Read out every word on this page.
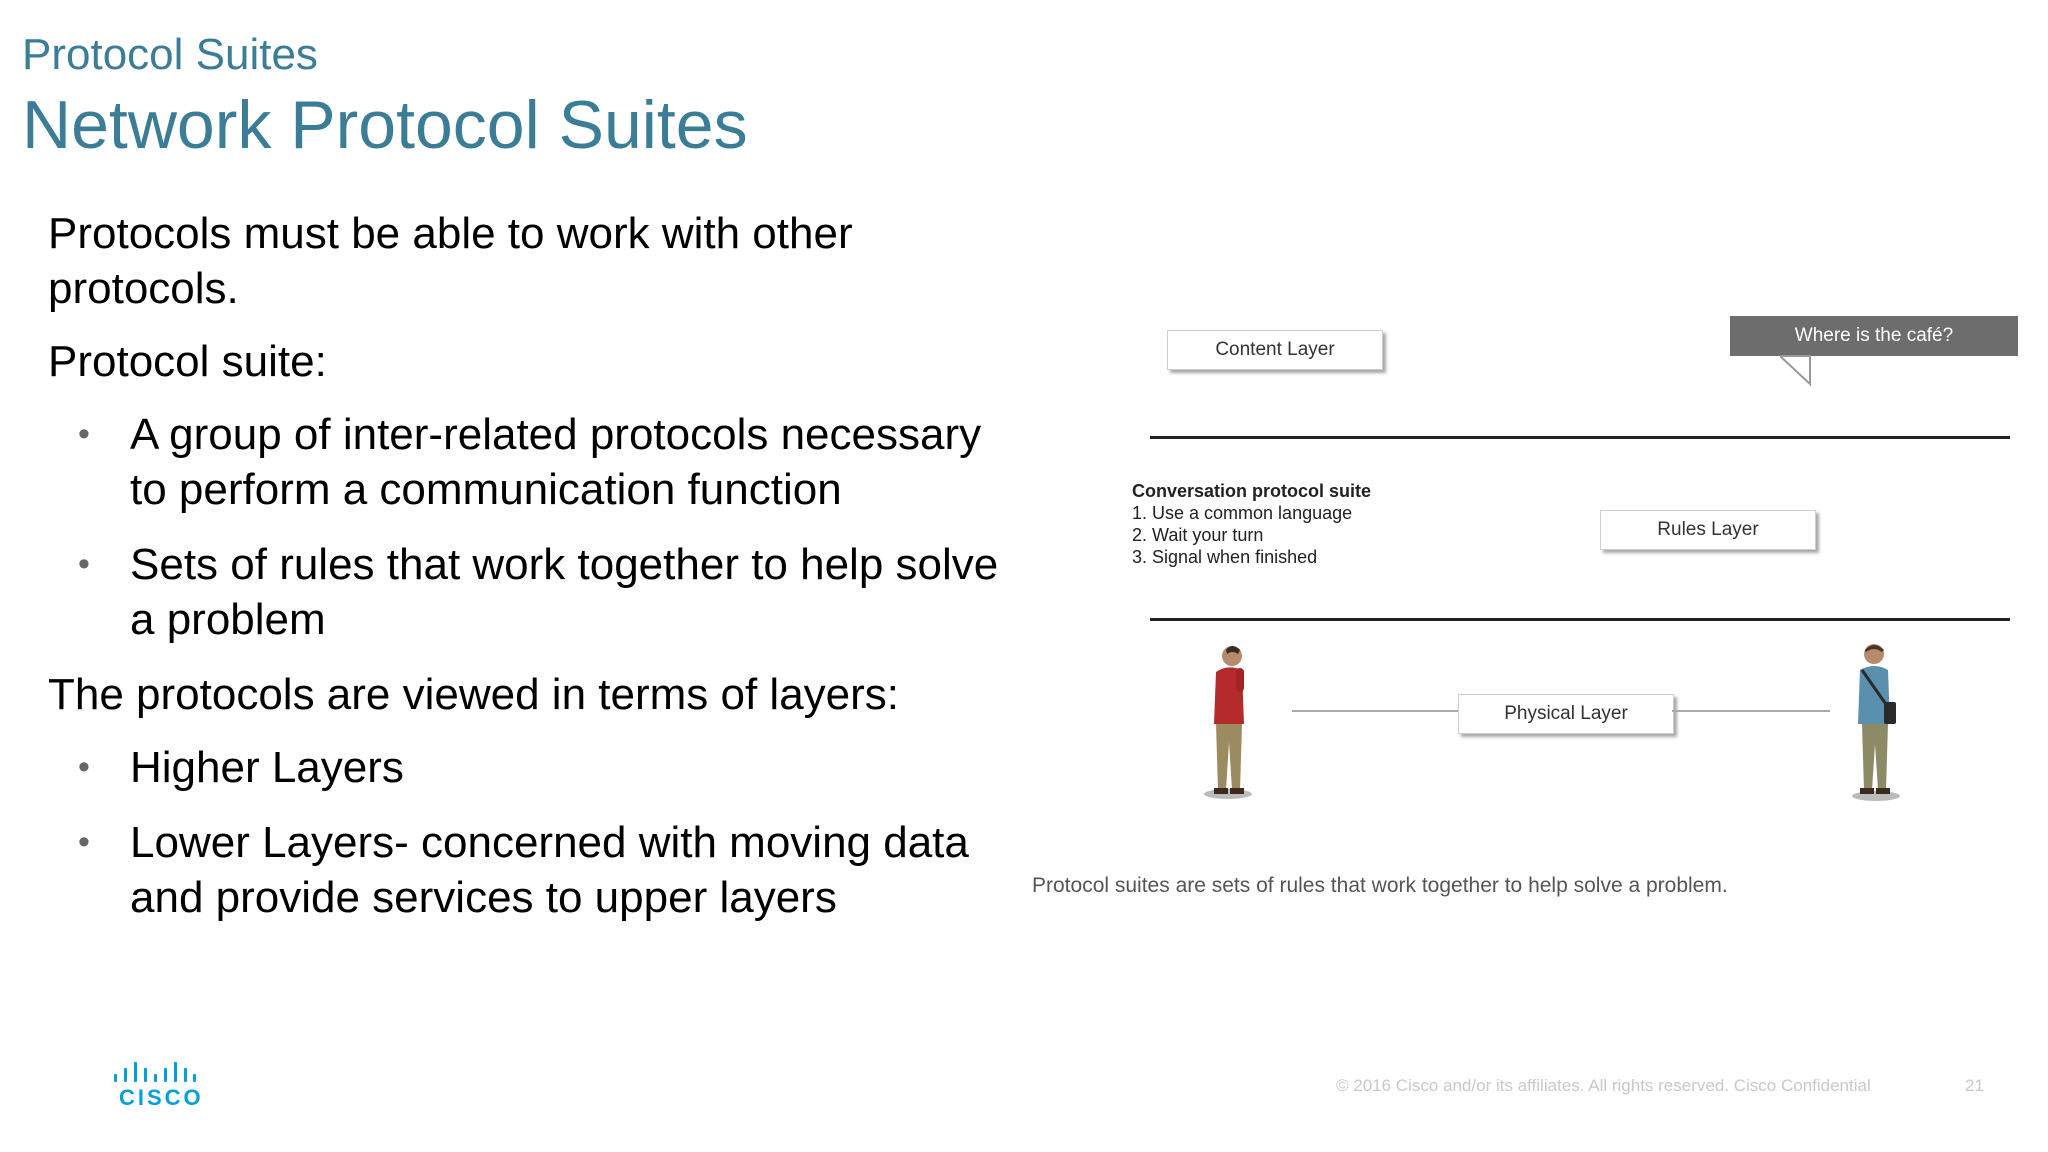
Protocol Suites
Network Protocol Suites

Protocols must be able to work with other protocols.

Protocol suite:

• A group of inter-related protocols necessary to perform a communication function
• Sets of rules that work together to help solve a problem

The protocols are viewed in terms of layers:

• Higher Layers
• Lower Layers- concerned with moving data and provide services to upper layers
Content Layer
Where is the café?
Conversation protocol suite
1. Use a common language
2. Wait your turn
3. Signal when finished
Rules Layer
Physical Layer
Protocol suites are sets of rules that work together to help solve a problem.
CISCO	© 2016 Cisco and/or its affiliates. All rights reserved. Cisco Confidential	21
